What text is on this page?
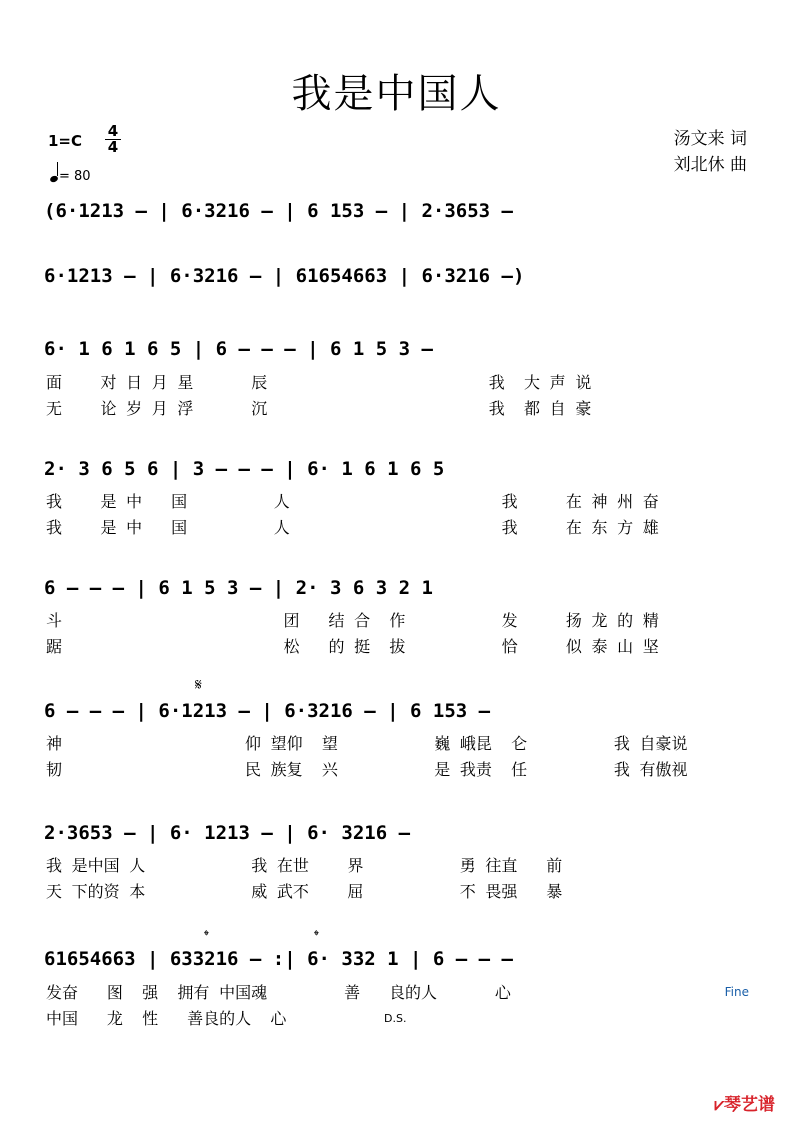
我是中国人
汤文来 词
刘北休 曲
1=C
4
4
= 80
(6·1213 – | 6·3216 – | 6 153 – | 2·3653 –
6·1213 – | 6·3216 – | 61654663 | 6·3216 –)
6· 1 6 1 6 5 | 6 – – – | 6 1 5 3 –
面    对 日 月 星      辰                       我  大 声 说
无    论 岁 月 浮      沉                       我  都 自 豪
2· 3 6 5 6 | 3 – – – | 6· 1 6 1 6 5
我    是 中   国         人                      我     在 神 州 奋
我    是 中   国         人                      我     在 东 方 雄
6 – – – | 6 1 5 3 – | 2· 3 6 3 2 1
斗                       团   结 合  作          发     扬 龙 的 精
踞                       松   的 挺  拔          恰     似 泰 山 坚
𝄋
6 – – – | 6·1213 – | 6·3216 – | 6 153 –
神                   仰 望仰  望          巍 峨昆  仑         我 自豪说
韧                   民 族复  兴          是 我责  任         我 有傲视
2·3653 – | 6· 1213 – | 6· 3216 –
我 是中国 人           我 在世    界          勇 往直   前
天 下的资 本           威 武不    屈          不 畏强   暴
𝄌	𝄌
61654663 | 633216 – :| 6· 332 1 | 6 – – –
发奋   图  强  拥有 中国魂        善   良的人      心
中国   龙  性   善良的人  心
Fine
D.S.
⩗琴艺谱
